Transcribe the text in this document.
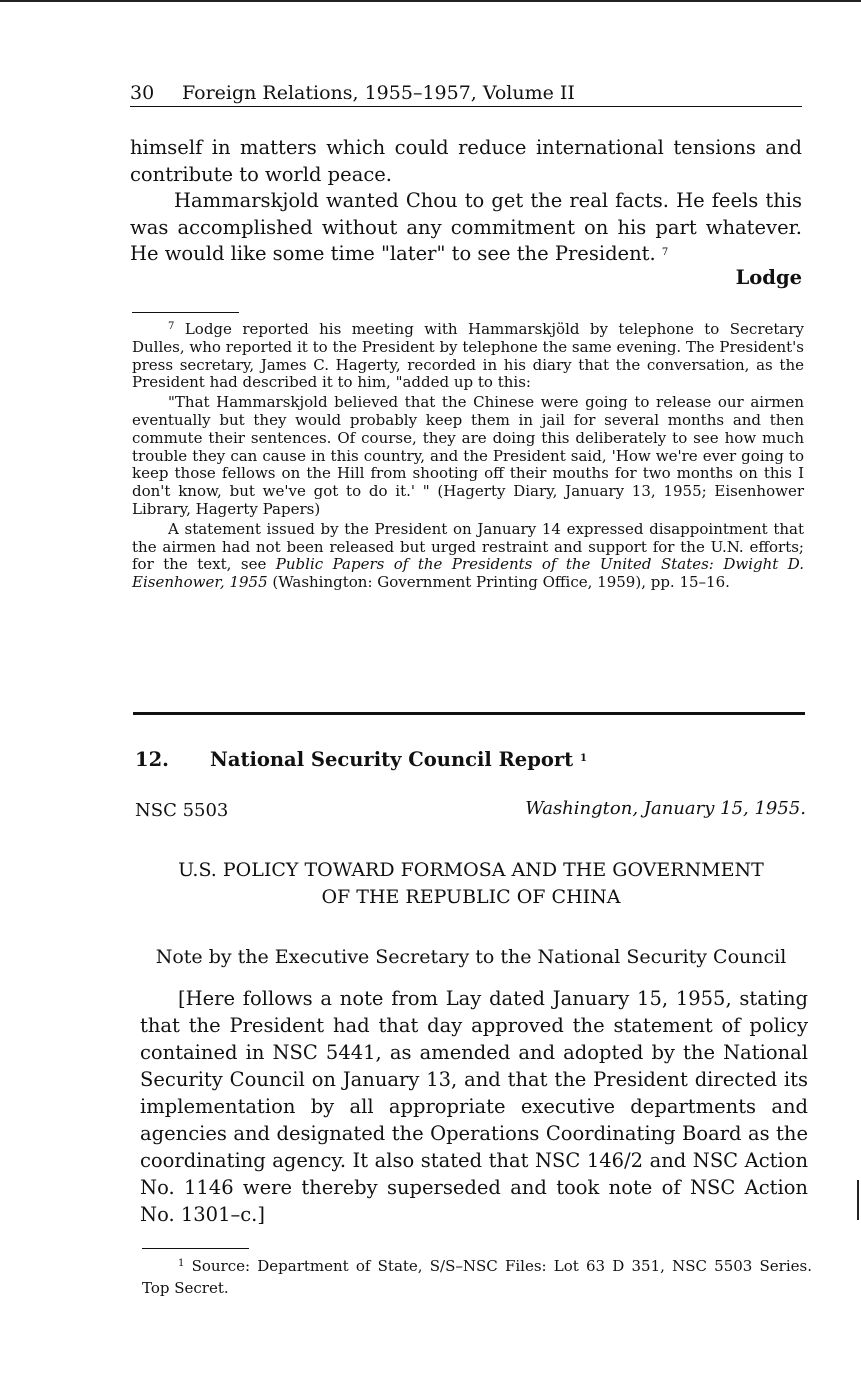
30 Foreign Relations, 1955–1957, Volume II

himself in matters which could reduce international tensions and contribute to world peace.

Hammarskjold wanted Chou to get the real facts. He feels this was accomplished without any commitment on his part whatever. He would like some time "later" to see the President. $^7$

Lodge

$^7$ Lodge reported his meeting with Hammarskjöld by telephone to Secretary Dulles, who reported it to the President by telephone the same evening. The President's press secretary, James C. Hagerty, recorded in his diary that the conversation, as the President had described it to him, "added up to this:

"That Hammarskjold believed that the Chinese were going to release our airmen eventually but they would probably keep them in jail for several months and then commute their sentences. Of course, they are doing this deliberately to see how much trouble they can cause in this country, and the President said, 'How we're ever going to keep those fellows on the Hill from shooting off their mouths for two months on this I don't know, but we've got to do it.' " (Hagerty Diary, January 13, 1955; Eisenhower Library, Hagerty Papers)

A statement issued by the President on January 14 expressed disappointment that the airmen had not been released but urged restraint and support for the U.N. efforts; for the text, see Public Papers of the Presidents of the United States: Dwight D. Eisenhower, 1955 (Washington: Government Printing Office, 1959), pp. 15–16.

12. National Security Council Report $^1$
NSC 5503	Washington, January 15, 1955.
U.S. POLICY TOWARD FORMOSA AND THE GOVERNMENT
OF THE REPUBLIC OF CHINA
Note by the Executive Secretary to the National Security Council

[Here follows a note from Lay dated January 15, 1955, stating that the President had that day approved the statement of policy contained in NSC 5441, as amended and adopted by the National Security Council on January 13, and that the President directed its implementation by all appropriate executive departments and agencies and designated the Operations Coordinating Board as the coordinating agency. It also stated that NSC 146/2 and NSC Action No. 1146 were thereby superseded and took note of NSC Action No. 1301–c.]

$^1$ Source: Department of State, S/S–NSC Files: Lot 63 D 351, NSC 5503 Series. Top Secret.
